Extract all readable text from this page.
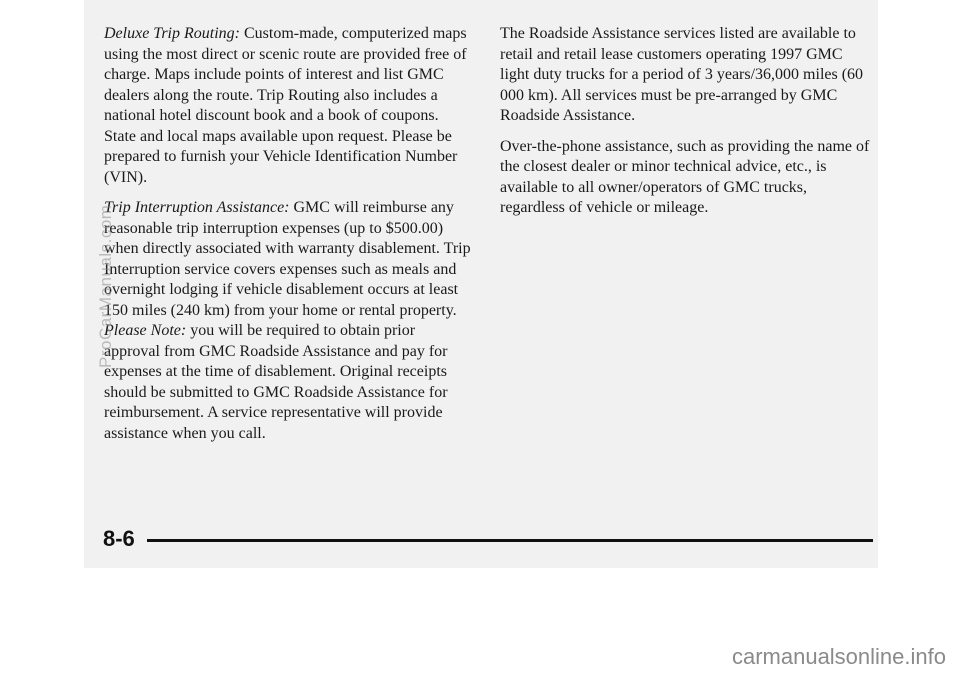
Deluxe Trip Routing: Custom-made, computerized maps using the most direct or scenic route are provided free of charge. Maps include points of interest and list GMC dealers along the route. Trip Routing also includes a national hotel discount book and a book of coupons. State and local maps available upon request. Please be prepared to furnish your Vehicle Identification Number (VIN).

Trip Interruption Assistance: GMC will reimburse any reasonable trip interruption expenses (up to $500.00) when directly associated with warranty disablement. Trip Interruption service covers expenses such as meals and overnight lodging if vehicle disablement occurs at least 150 miles (240 km) from your home or rental property. Please Note: you will be required to obtain prior approval from GMC Roadside Assistance and pay for expenses at the time of disablement. Original receipts should be submitted to GMC Roadside Assistance for reimbursement. A service representative will provide assistance when you call.

The Roadside Assistance services listed are available to retail and retail lease customers operating 1997 GMC light duty trucks for a period of 3 years/36,000 miles (60 000 km). All services must be pre-arranged by GMC Roadside Assistance.

Over-the-phone assistance, such as providing the name of the closest dealer or minor technical advice, etc., is available to all owner/operators of GMC trucks, regardless of vehicle or mileage.

8-6
ProCarManuals.com
carmanualsonline.info
